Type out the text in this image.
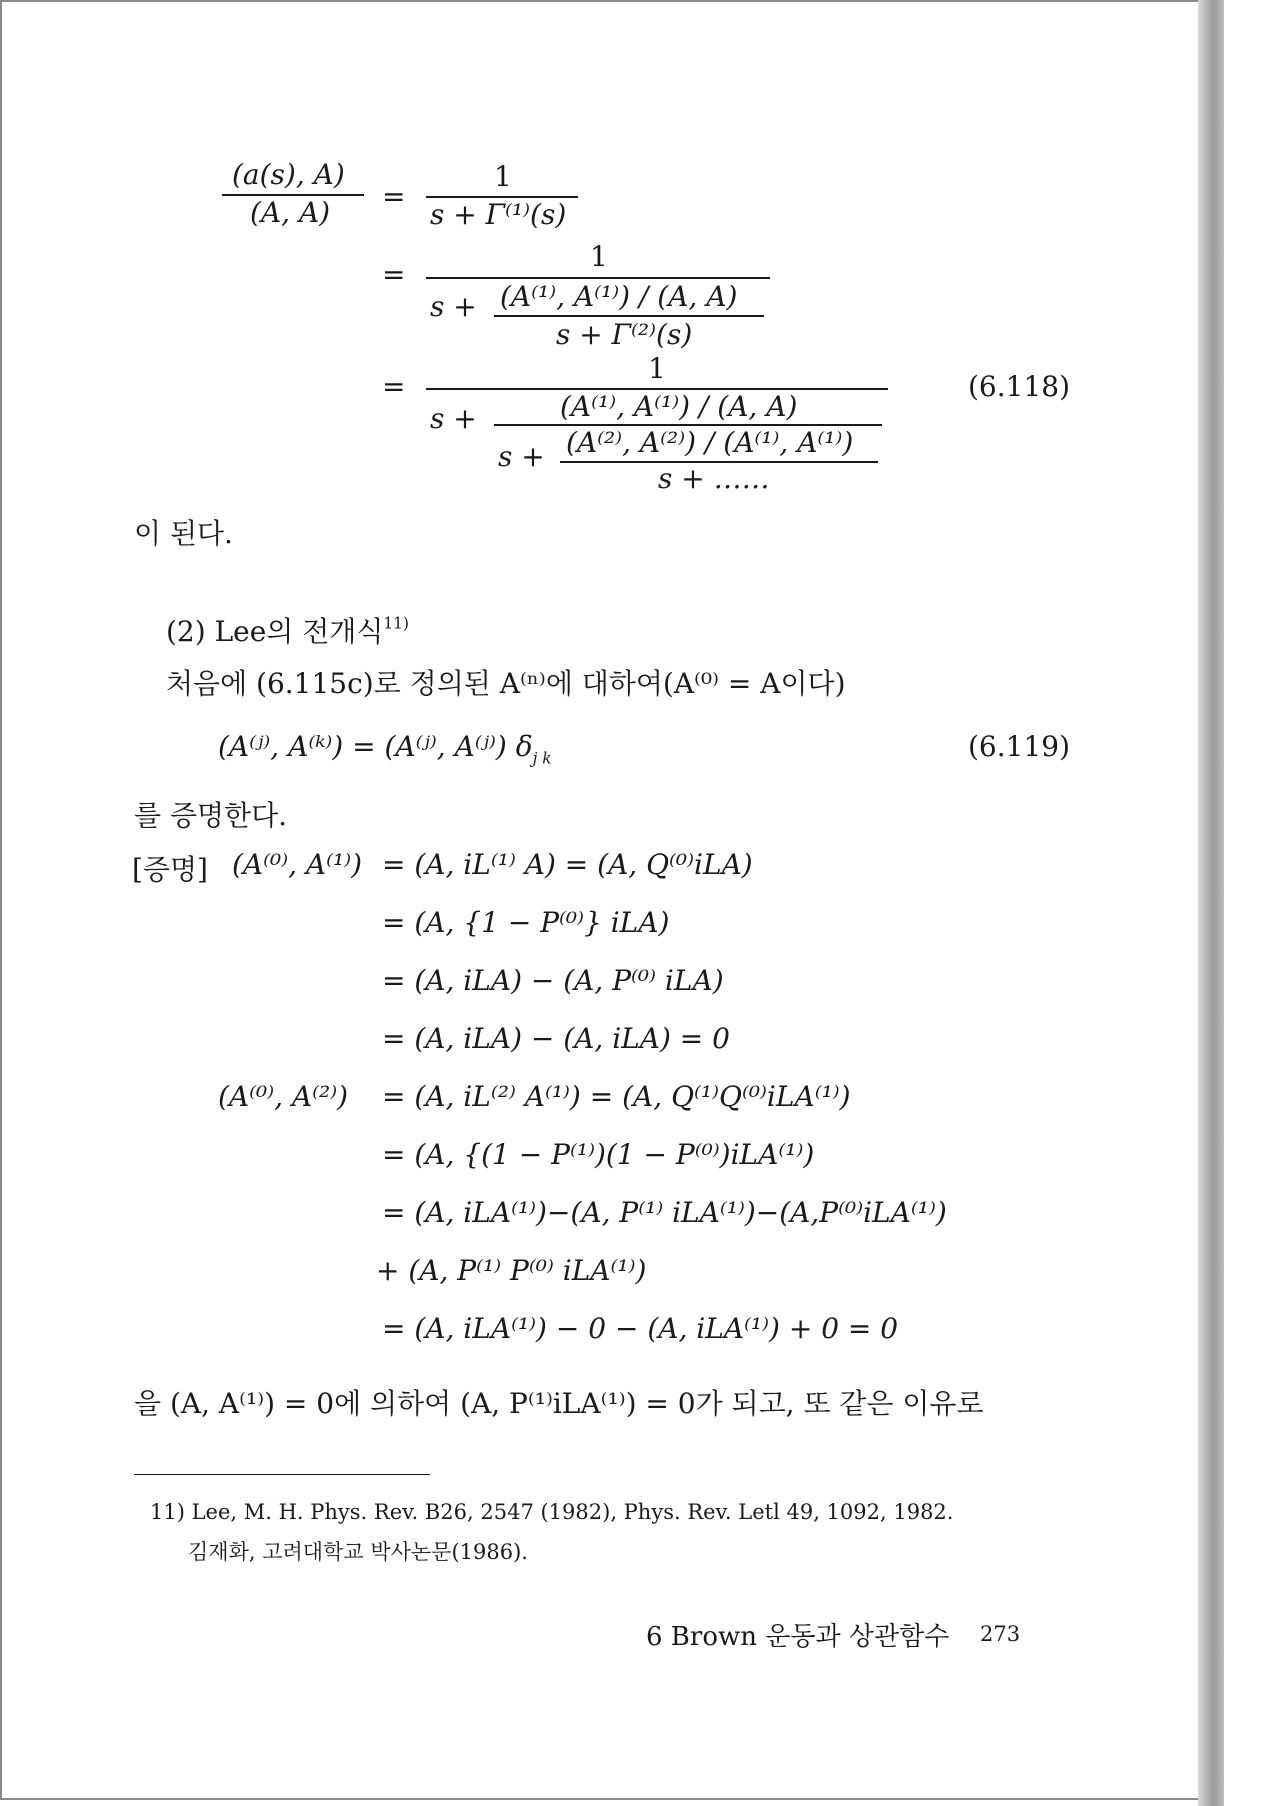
(a(s), A)
(A, A) =
1
s + Γ⁽¹⁾(s)
=
1
s + (A⁽¹⁾, A⁽¹⁾) / (A, A)
s + Γ⁽²⁾(s)
=
1
s +	(A⁽¹⁾, A⁽¹⁾) / (A, A)
s + (A⁽²⁾, A⁽²⁾) / (A⁽¹⁾, A⁽¹⁾)
s + ……
(6.118)
이 된다.
(2) Lee의 전개식$^{11)}$
처음에 (6.115c)로 정의된 A⁽ⁿ⁾에 대하여(A⁽⁰⁾ = A이다)
(A⁽ʲ⁾, A⁽ᵏ⁾) = (A⁽ʲ⁾, A⁽ʲ⁾) $\delta_{j k}$	(6.119)
를 증명한다.
[증명] (A⁽⁰⁾, A⁽¹⁾) = (A, iL⁽¹⁾ A) = (A, Q⁽⁰⁾iLA)
= (A, {1 − P⁽⁰⁾} iLA)
= (A, iLA) − (A, P⁽⁰⁾ iLA)
= (A, iLA) − (A, iLA) = 0
(A⁽⁰⁾, A⁽²⁾) = (A, iL⁽²⁾ A⁽¹⁾) = (A, Q⁽¹⁾Q⁽⁰⁾iLA⁽¹⁾)
= (A, {(1 − P⁽¹⁾)(1 − P⁽⁰⁾)iLA⁽¹⁾)
= (A, iLA⁽¹⁾)−(A, P⁽¹⁾ iLA⁽¹⁾)−(A,P⁽⁰⁾iLA⁽¹⁾)
+ (A, P⁽¹⁾ P⁽⁰⁾ iLA⁽¹⁾)
= (A, iLA⁽¹⁾) − 0 − (A, iLA⁽¹⁾) + 0 = 0
을 (A, A⁽¹⁾) = 0에 의하여 (A, P⁽¹⁾iLA⁽¹⁾) = 0가 되고, 또 같은 이유로
11) Lee, M. H. Phys. Rev. B26, 2547 (1982), Phys. Rev. Letl 49, 1092, 1982.
김재화, 고려대학교 박사논문(1986).
6 Brown 운동과 상관함수 273
